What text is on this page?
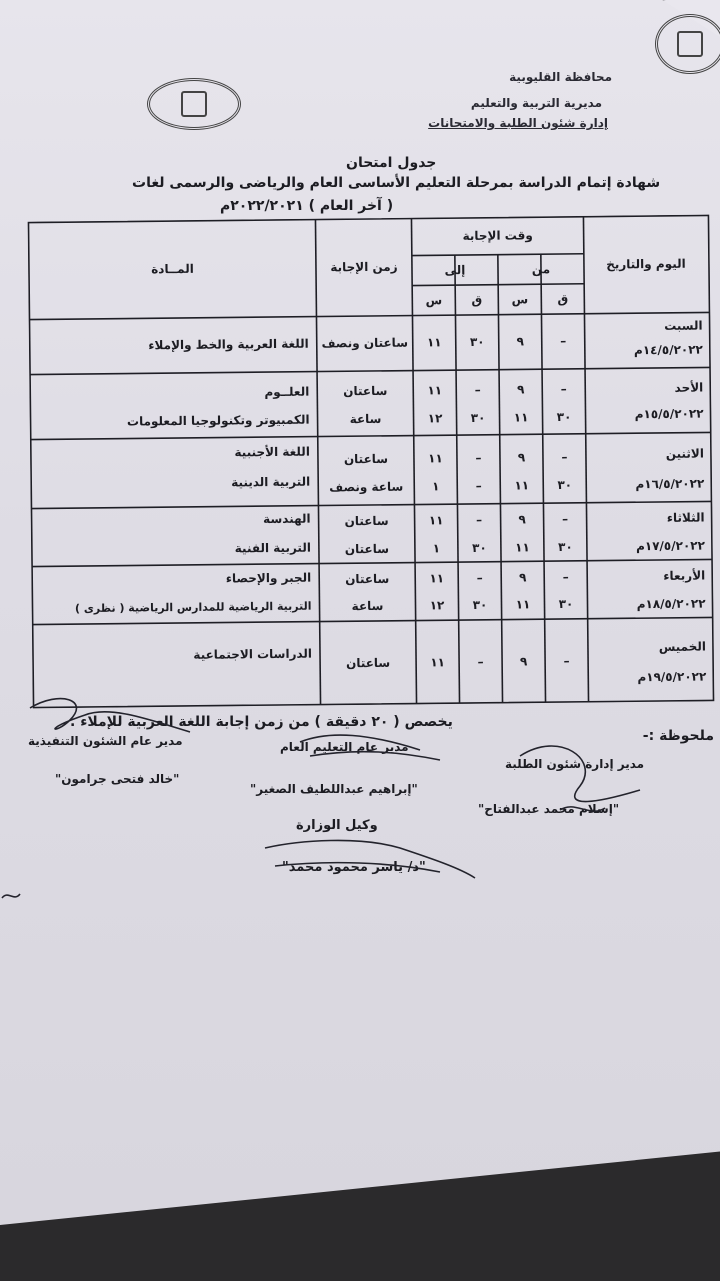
محافظة القليوبية
مديرية التربية والتعليم
إدارة شئون الطلبة والامتحانات
جدول امتحان
شهادة إتمام الدراسة بمرحلة التعليم الأساسى العام والرياضى والرسمى لغات
( آخر العام ) ٢٠٢٢/٢٠٢١م
اليوم والتاريخ
وقت الإجابة
من
إلى
ق
س
ق
س
زمن الإجابة
المــادة
السبت
١٤/٥/٢٠٢٢م
–
٩
٣٠
١١
ساعتان ونصف
اللغة العربية والخط والإملاء
الأحد
١٥/٥/٢٠٢٢م
–
٩
–
١١
ساعتان
العلــوم
٣٠
١١
٣٠
١٢
ساعة
الكمبيوتر وتكنولوجيا المعلومات
الاثنين
١٦/٥/٢٠٢٢م
–
٩
–
١١
ساعتان
اللغة الأجنبية
٣٠
١١
–
١
ساعة ونصف
التربية الدينية
الثلاثاء
١٧/٥/٢٠٢٢م
–
٩
–
١١
ساعتان
الهندسة
٣٠
١١
٣٠
١
ساعتان
التربية الفنية
الأربعاء
١٨/٥/٢٠٢٢م
–
٩
–
١١
ساعتان
الجبر والإحصاء
٣٠
١١
٣٠
١٢
ساعة
التربية الرياضية للمدارس الرياضية ( نظرى )
الخميس
١٩/٥/٢٠٢٢م
–
٩
–
١١
ساعتان
الدراسات الاجتماعية
ملحوظة :-
يخصص ( ٢٠ دقيقة ) من زمن إجابة اللغة العربية للإملاء .
مدير إدارة شئون الطلبة
"إسلام محمد عبدالفتاح"
مدير عام التعليم العام
"إبراهيم عبداللطيف الصغير"
مدير عام الشئون التنفيذية
"خالد فتحى جرامون"
وكيل الوزارة
"د/ ياسر محمود محمد"
